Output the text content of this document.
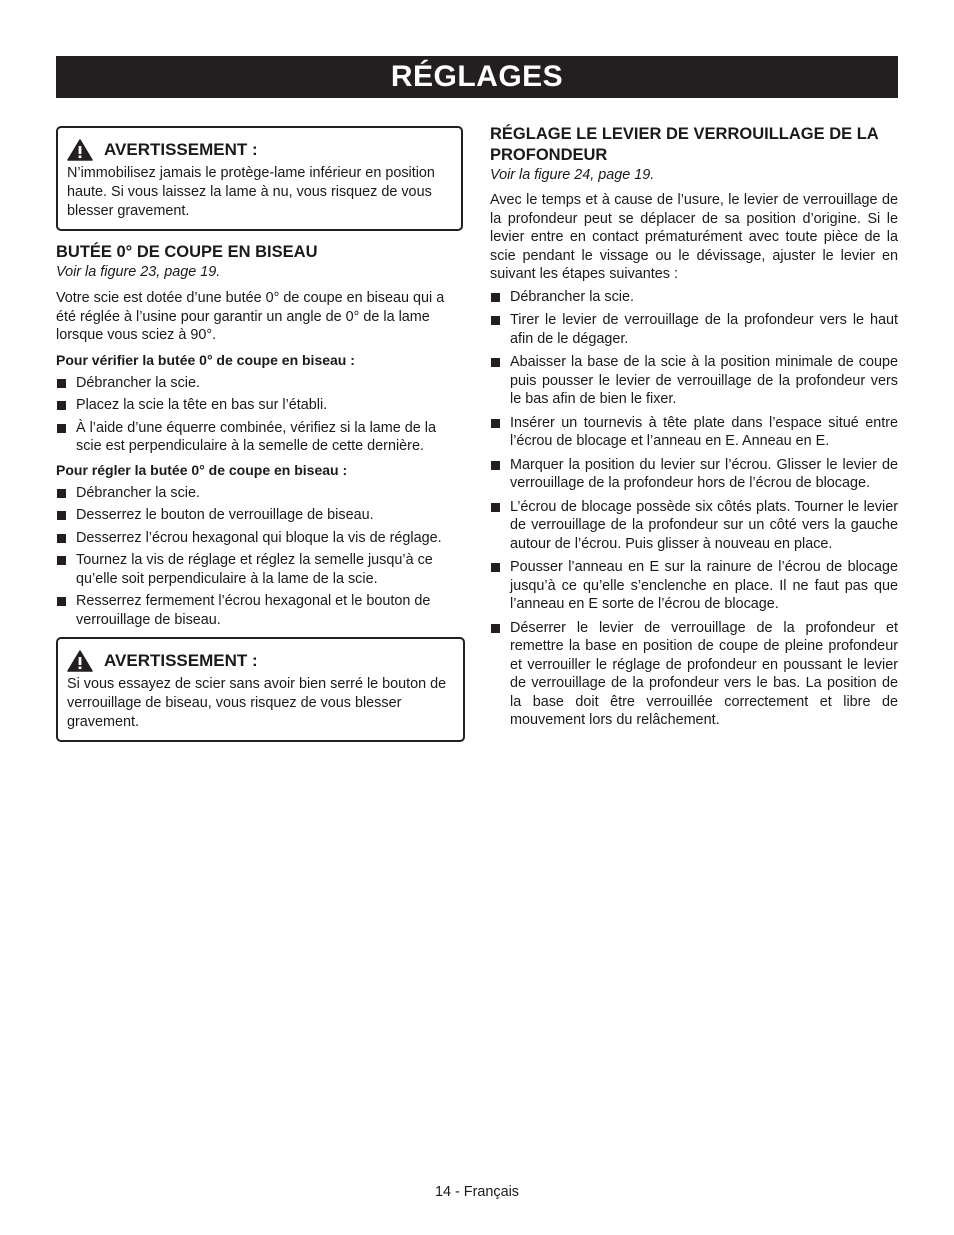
RÉGLAGES
AVERTISSEMENT :

N’immobilisez jamais le protège-lame inférieur en position haute. Si vous laissez la lame à nu, vous risquez de vous blesser gravement.

BUTÉE 0° DE COUPE EN BISEAU

Voir la figure 23, page 19.

Votre scie est dotée d’une butée 0° de coupe en biseau qui a été réglée à l’usine pour garantir un angle de 0° de la lame lorsque vous sciez à 90°.

Pour vérifier la butée 0° de coupe en biseau :

Débrancher la scie.
Placez la scie la tête en bas sur l’établi.
À l’aide d’une équerre combinée, vérifiez si la lame de la scie est perpendiculaire à la semelle de cette dernière.

Pour régler la butée 0° de coupe en biseau :

Débrancher la scie.
Desserrez le bouton de verrouillage de biseau.
Desserrez l’écrou hexagonal qui bloque la vis de réglage.
Tournez la vis de réglage et réglez la semelle jusqu’à ce qu’elle soit perpendiculaire à la lame de la scie.
Resserrez fermement l’écrou hexagonal et le bouton de verrouillage de biseau.
AVERTISSEMENT :

Si vous essayez de scier sans avoir bien serré le bouton de verrouillage de biseau, vous risquez de vous blesser gravement.

RÉGLAGE LE LEVIER DE VERROUILLAGE DE LA PROFONDEUR

Voir la figure 24, page 19.

Avec le temps et à cause de l’usure, le levier de verrouillage de la profondeur peut se déplacer de sa position d’origine. Si le levier entre en contact prématurément avec toute pièce de la scie pendant le vissage ou le dévissage, ajuster le levier en suivant les étapes suivantes :

Débrancher la scie.
Tirer le levier de verrouillage de la profondeur vers le haut afin de le dégager.
Abaisser la base de la scie à la position minimale de coupe puis pousser le levier de verrouillage de la profondeur vers le bas afin de bien le fixer.
Insérer un tournevis à tête plate dans l’espace situé entre l’écrou de blocage et l’anneau en E. Anneau en E.
Marquer la position du levier sur l’écrou. Glisser le levier de verrouillage de la profondeur hors de l’écrou de blocage.
L’écrou de blocage possède six côtés plats. Tourner le levier de verrouillage de la profondeur sur un côté vers la gauche autour de l’écrou. Puis glisser à nouveau en place.
Pousser l’anneau en E sur la rainure de l’écrou de blocage jusqu’à ce qu’elle s’enclenche en place. Il ne faut pas que l’anneau en E sorte de l’écrou de blocage.
Déserrer le levier de verrouillage de la profondeur et remettre la base en position de coupe de pleine profondeur et verrouiller le réglage de profondeur en poussant le levier de verrouillage de la profondeur vers le bas. La position de la base doit être verrouillée correctement et libre de mouvement lors du relâchement.
14 - Français
